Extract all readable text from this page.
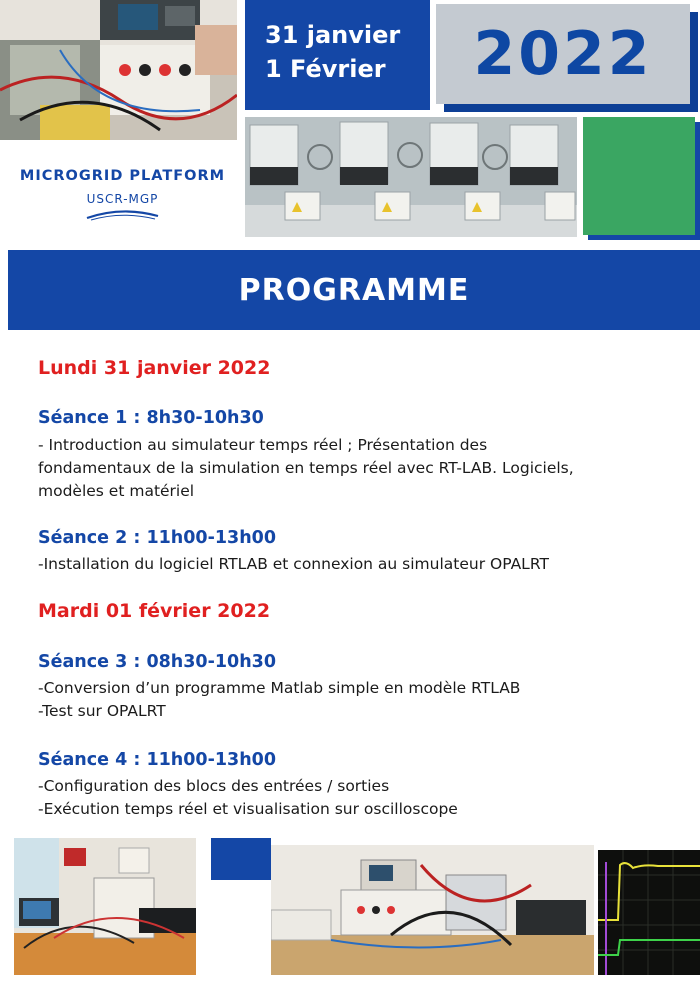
31 janvier
1 Février	2022
MICROGRID PLATFORM
USCR-MGP
PROGRAMME
Lundi 31 janvier 2022
Séance 1 : 8h30-10h30
- Introduction au simulateur temps réel ; Présentation des
fondamentaux de la simulation en temps réel avec RT-LAB. Logiciels,
modèles et matériel
Séance 2 : 11h00-13h00
-Installation du logiciel RTLAB et connexion au simulateur OPALRT
Mardi 01 février 2022
Séance 3 : 08h30-10h30
-Conversion d’un programme Matlab simple en modèle RTLAB
-Test sur OPALRT
Séance 4 : 11h00-13h00
-Configuration des blocs des entrées / sorties
-Exécution temps réel et visualisation sur oscilloscope
